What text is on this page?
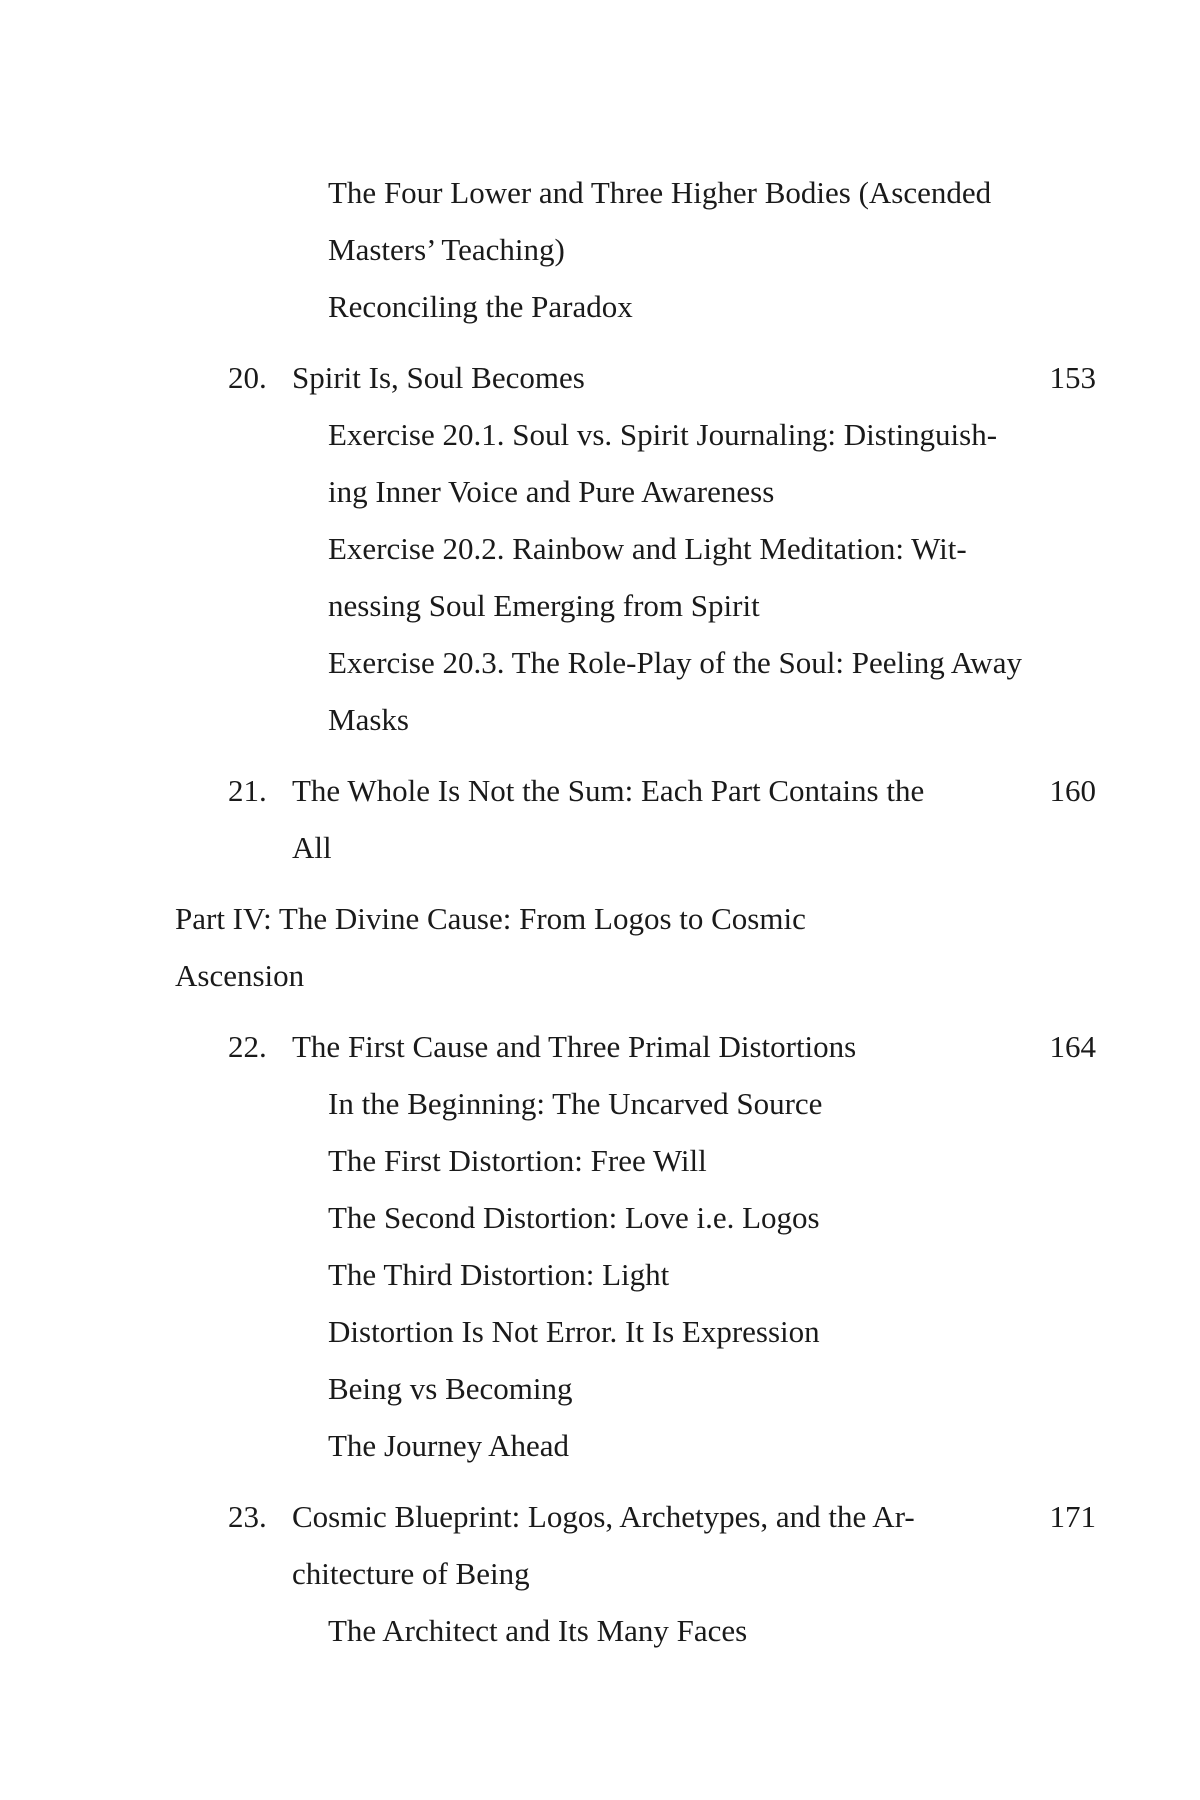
The Four Lower and Three Higher Bodies (Ascended
Masters’ Teaching)
Reconciling the Paradox
20. Spirit Is, Soul Becomes	153
Exercise 20.1. Soul vs. Spirit Journaling: Distinguish-
ing Inner Voice and Pure Awareness
Exercise 20.2. Rainbow and Light Meditation: Wit-
nessing Soul Emerging from Spirit
Exercise 20.3. The Role-Play of the Soul: Peeling Away
Masks
21. The Whole Is Not the Sum: Each Part Contains the	160
All
Part IV: The Divine Cause: From Logos to Cosmic
Ascension
22. The First Cause and Three Primal Distortions	164
In the Beginning: The Uncarved Source
The First Distortion: Free Will
The Second Distortion: Love i.e. Logos
The Third Distortion: Light
Distortion Is Not Error. It Is Expression
Being vs Becoming
The Journey Ahead
23. Cosmic Blueprint: Logos, Archetypes, and the Ar-	171
chitecture of Being
The Architect and Its Many Faces
